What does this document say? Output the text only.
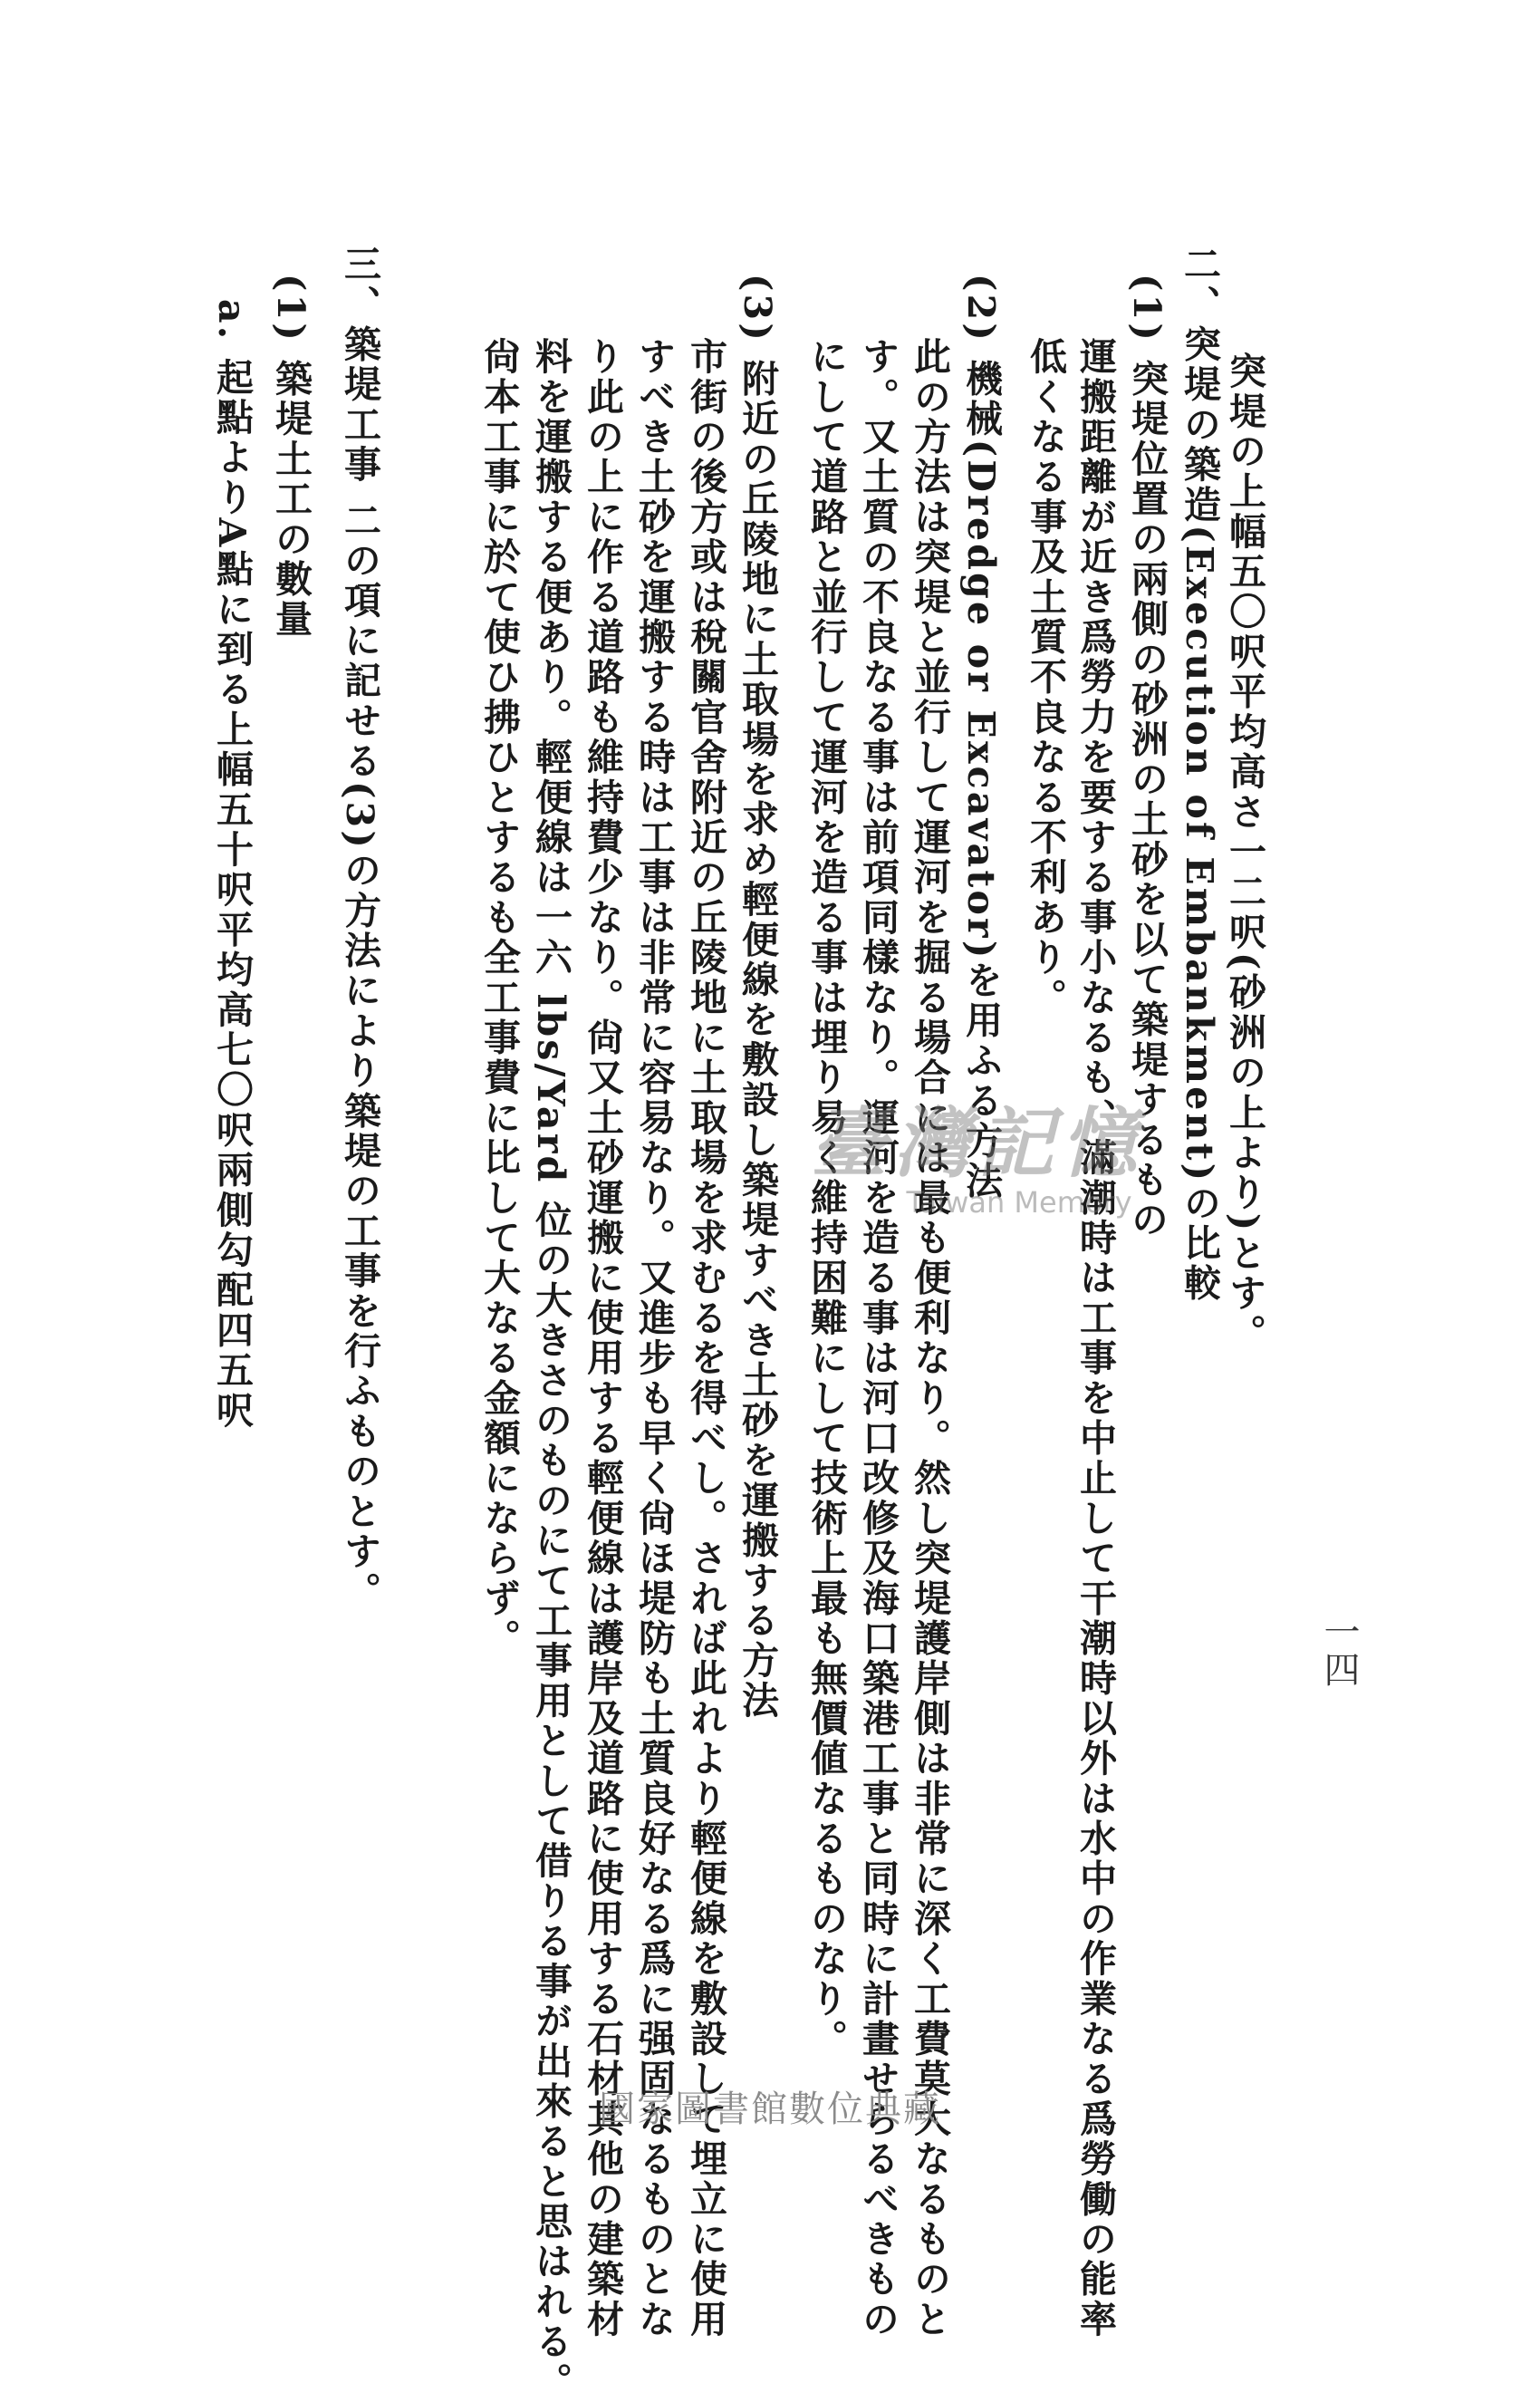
一四
突堤の上幅五〇呎平均高さ一二呎(砂洲の上より)とす。
二、突堤の築造(Execution of Embankment)の比較
(1) 突堤位置の兩側の砂洲の土砂を以て築堤するもの
運搬距離が近き爲勞力を要する事小なるも、滿潮時は工事を中止して干潮時以外は水中の作業なる爲勞働の能率
低くなる事及土質不良なる不利あり。
(2) 機械(Dredge or Excavator)を用ふる方法
此の方法は突堤と並行して運河を掘る場合には最も便利なり。然し突堤護岸側は非常に深く工費莫大なるものと
す。又土質の不良なる事は前項同樣なり。運河を造る事は河口改修及海口築港工事と同時に計畫せらるべきもの
にして道路と並行して運河を造る事は埋り易く維持困難にして技術上最も無價値なるものなり。
(3) 附近の丘陵地に土取場を求め輕便線を敷設し築堤すべき土砂を運搬する方法
市街の後方或は稅關官舍附近の丘陵地に土取場を求むるを得べし。されば此れより輕便線を敷設して埋立に使用
すべき土砂を運搬する時は工事は非常に容易なり。又進步も早く尙ほ堤防も土質良好なる爲に强固なるものとな
り此の上に作る道路も維持費少なり。尙又土砂運搬に使用する輕便線は護岸及道路に使用する石材其他の建築材
料を運搬する便あり。輕便線は一六 lbs/Yard 位の大きさのものにて工事用として借りる事が出來ると思はれる。
尙本工事に於て使ひ拂ひとするも全工事費に比して大なる金額にならず。
三、築堤工事 二の項に記せる(3)の方法により築堤の工事を行ふものとす。
(1) 築堤土工の數量
a. 起點よりA點に到る上幅五十呎平均高七〇呎兩側勾配四五呎	臺灣記憶
Taiwan Memory
國家圖書館數位典藏
